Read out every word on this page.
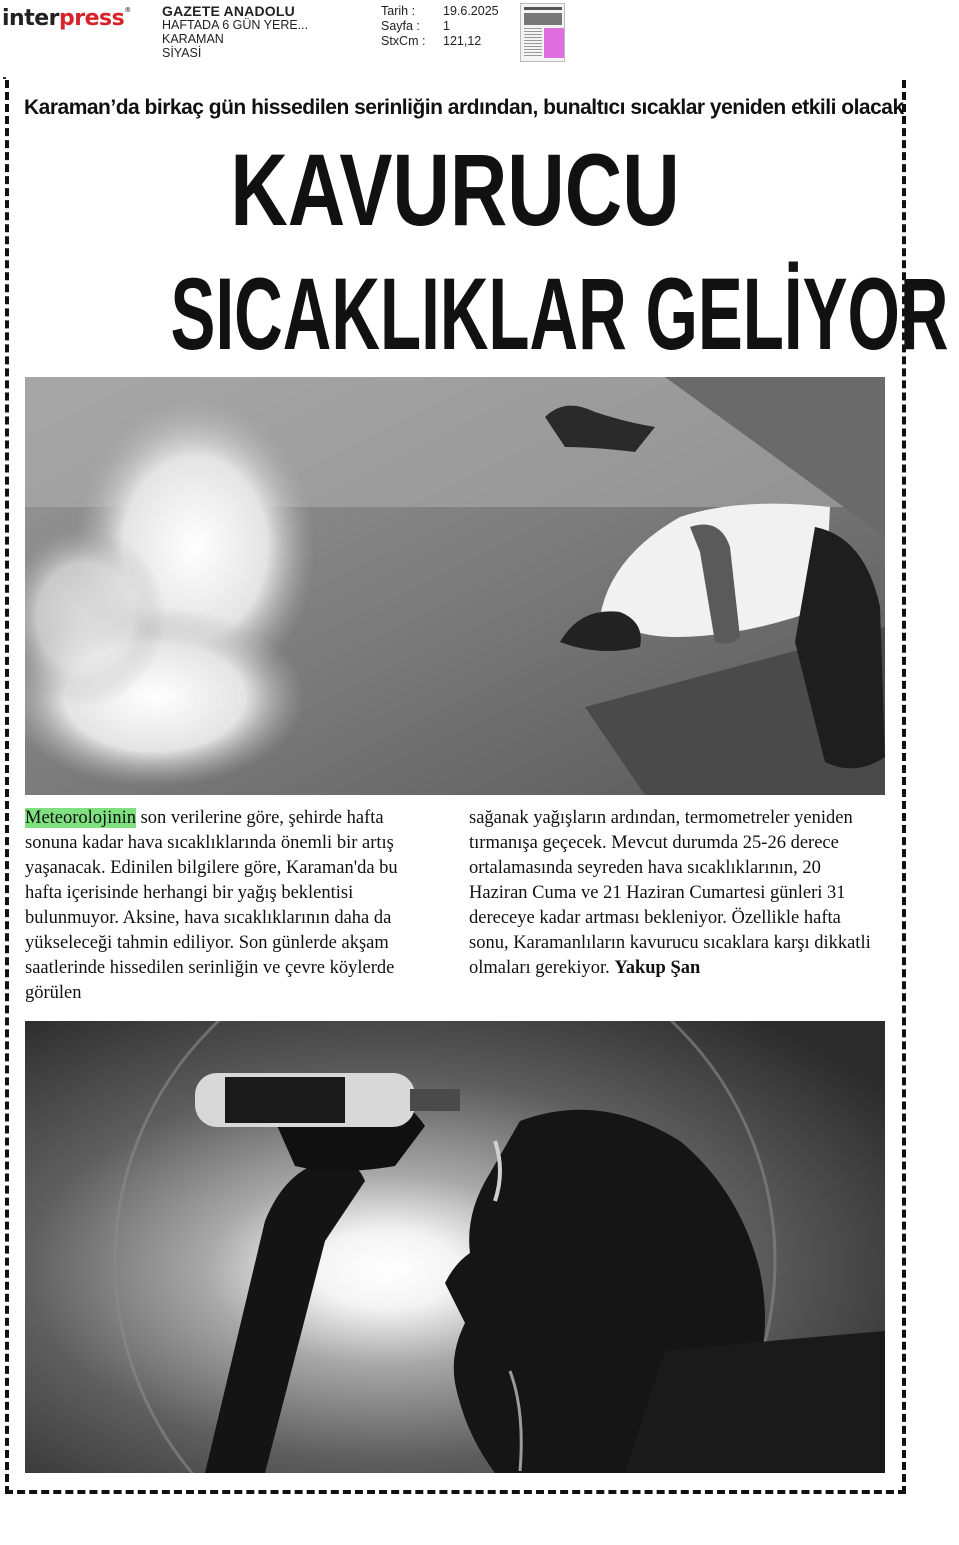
interpress® GAZETE ANADOLU
HAFTADA 6 GÜN YERE...
KARAMAN
SİYASİ
Tarih :	19.6.2025
Sayfa :	1
StxCm :	121,12
Karaman’da birkaç gün hissedilen serinliğin ardından, bunaltıcı sıcaklar yeniden etkili olacak
KAVURUCU
SICAKLIKLAR GELİYOR
Meteorolojinin son verilerine göre, şehirde hafta sonuna kadar hava sıcaklıklarında önemli bir artış yaşanacak. Edinilen bilgilere göre, Karaman'da bu hafta içerisinde herhangi bir yağış beklentisi bulunmuyor. Aksine, hava sıcaklıklarının daha da yükseleceği tahmin ediliyor. Son günlerde akşam saatlerinde hissedilen serinliğin ve çevre köylerde görülen
sağanak yağışların ardından, termometreler yeniden tırmanışa geçecek. Mevcut durumda 25-26 derece ortalamasında seyreden hava sıcaklıklarının, 20 Haziran Cuma ve 21 Haziran Cumartesi günleri 31 dereceye kadar artması bekleniyor. Özellikle hafta sonu, Karamanlıların kavurucu sıcaklara karşı dikkatli olmaları gerekiyor. Yakup Şan
